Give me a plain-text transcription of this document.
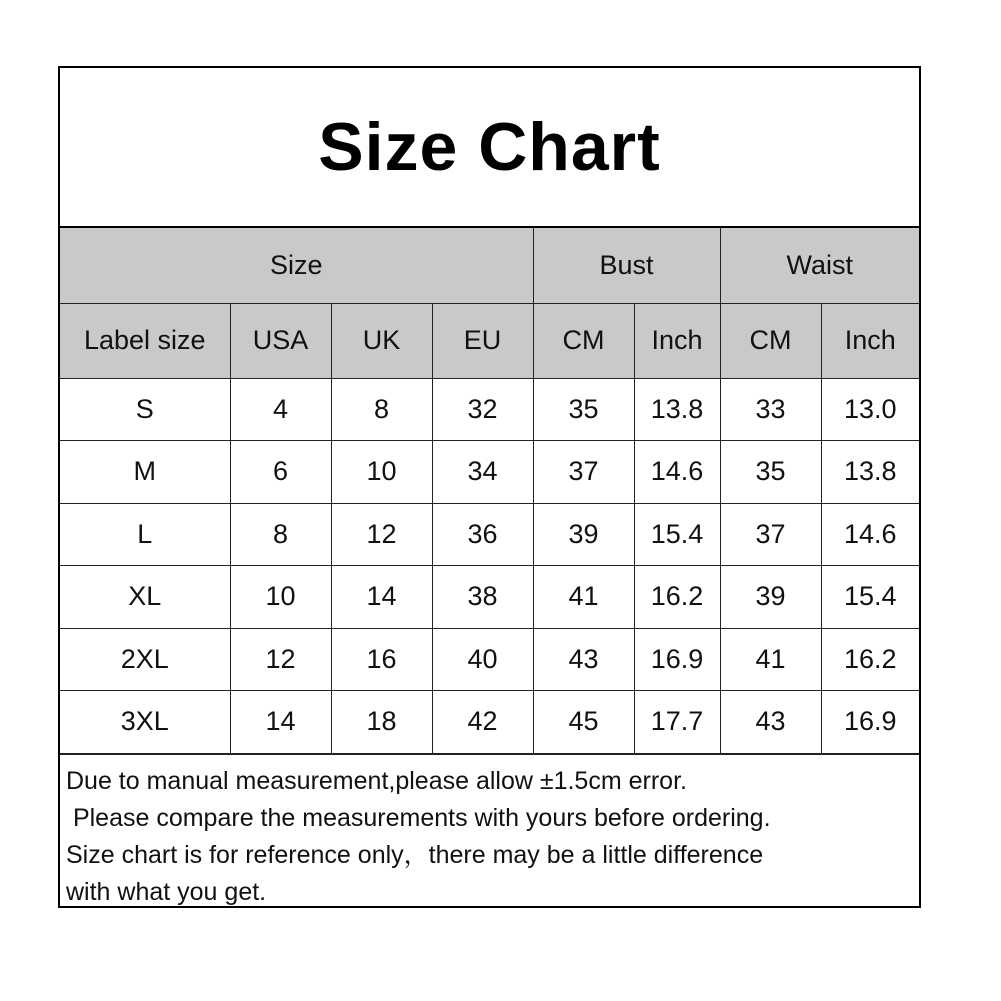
Size Chart
Size				Bust		Waist	
Label size	USA	UK	EU	CM	Inch	CM	Inch
S	4	8	32	35	13.8	33	13.0
M	6	10	34	37	14.6	35	13.8
L	8	12	36	39	15.4	37	14.6
XL	10	14	38	41	16.2	39	15.4
2XL	12	16	40	43	16.9	41	16.2
3XL	14	18	42	45	17.7	43	16.9

Due to manual measurement,please allow ±1.5cm error.

Please compare the measurements with yours before ordering.

Size chart is for reference only，there may be a little difference

with what you get.
